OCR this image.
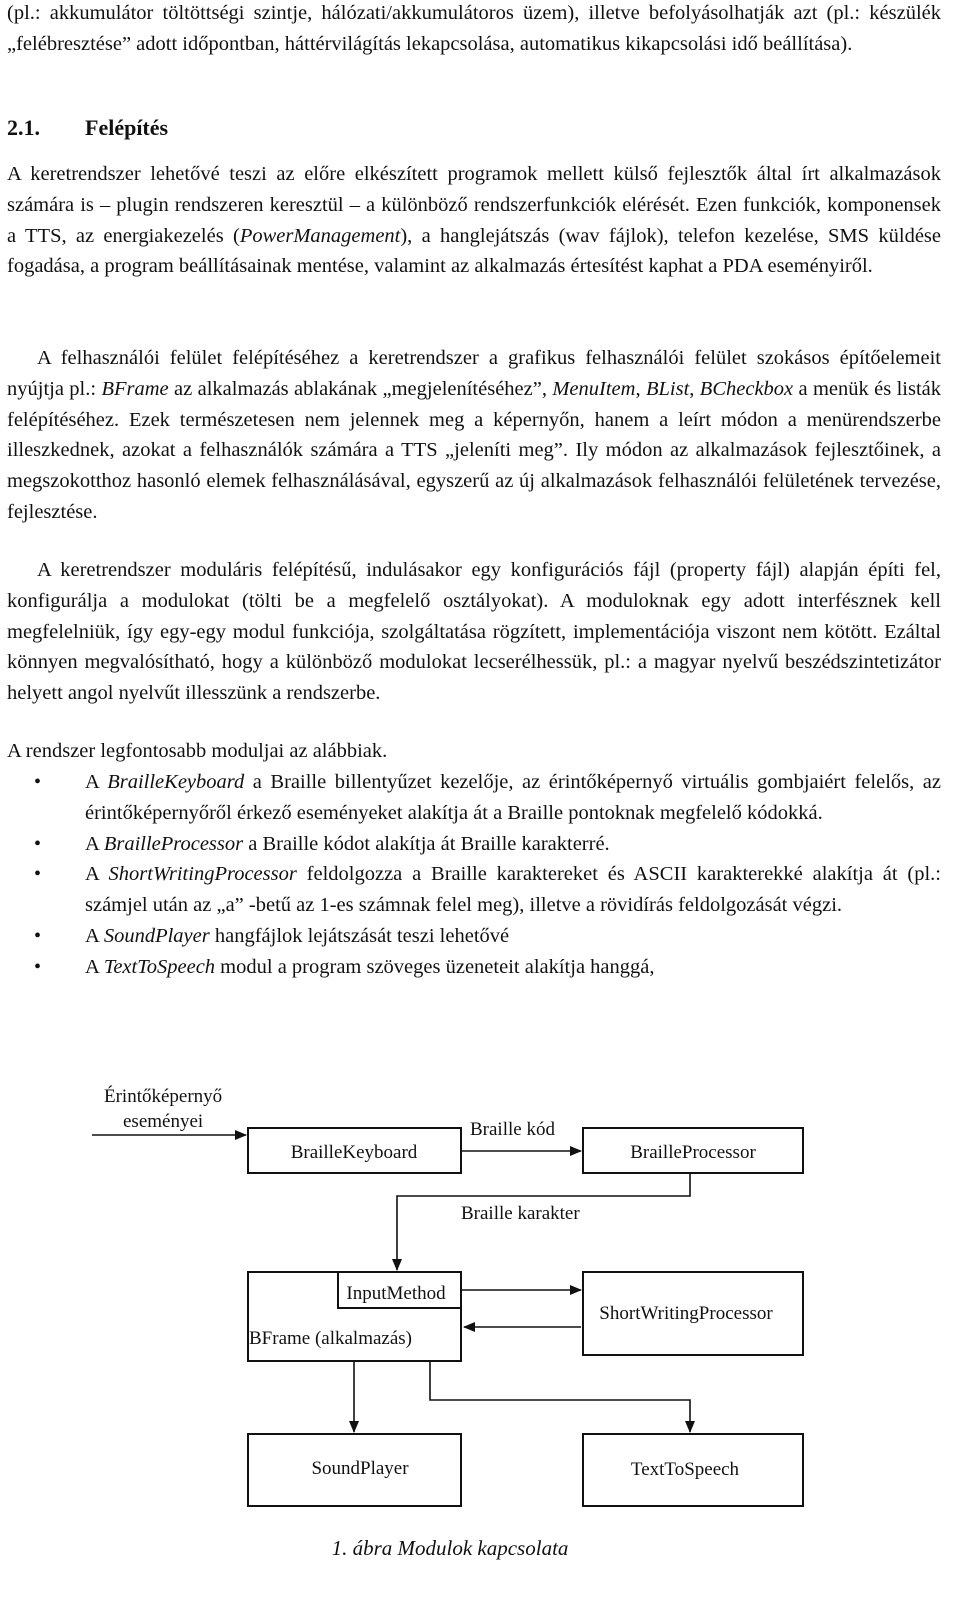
(pl.: akkumulátor töltöttségi szintje, hálózati/akkumulátoros üzem), illetve befolyásolhatják azt (pl.: készülék „felébresztése” adott időpontban, háttérvilágítás lekapcsolása, automatikus kikapcsolási idő beállítása).

2.1. Felépítés

A keretrendszer lehetővé teszi az előre elkészített programok mellett külső fejlesztők által írt alkalmazások számára is – plugin rendszeren keresztül – a különböző rendszerfunkciók elérését. Ezen funkciók, komponensek a TTS, az energiakezelés (PowerManagement), a hanglejátszás (wav fájlok), telefon kezelése, SMS küldése fogadása, a program beállításainak mentése, valamint az alkalmazás értesítést kaphat a PDA eseményiről.

A felhasználói felület felépítéséhez a keretrendszer a grafikus felhasználói felület szokásos építőelemeit nyújtja pl.: BFrame az alkalmazás ablakának „megjelenítéséhez”, MenuItem, BList, BCheckbox a menük és listák felépítéséhez. Ezek természetesen nem jelennek meg a képernyőn, hanem a leírt módon a menürendszerbe illeszkednek, azokat a felhasználók számára a TTS „jeleníti meg”. Ily módon az alkalmazások fejlesztőinek, a megszokotthoz hasonló elemek felhasználásával, egyszerű az új alkalmazások felhasználói felületének tervezése, fejlesztése.

A keretrendszer moduláris felépítésű, indulásakor egy konfigurációs fájl (property fájl) alapján építi fel, konfigurálja a modulokat (tölti be a megfelelő osztályokat). A moduloknak egy adott interfésznek kell megfelelniük, így egy-egy modul funkciója, szolgáltatása rögzített, implementációja viszont nem kötött. Ezáltal könnyen megvalósítható, hogy a különböző modulokat lecserélhessük, pl.: a magyar nyelvű beszédszintetizátor helyett angol nyelvűt illesszünk a rendszerbe.

A rendszer legfontosabb moduljai az alábbiak.

• A BrailleKeyboard a Braille billentyűzet kezelője, az érintőképernyő virtuális gombjaiért felelős, az érintőképernyőről érkező eseményeket alakítja át a Braille pontoknak megfelelő kódokká.
• A BrailleProcessor a Braille kódot alakítja át Braille karakterré.
• A ShortWritingProcessor feldolgozza a Braille karaktereket és ASCII karakterekké alakítja át (pl.: számjel után az „a” -betű az 1-es számnak felel meg), illetve a rövidírás feldolgozását végzi.
• A SoundPlayer hangfájlok lejátszását teszi lehetővé
• A TextToSpeech modul a program szöveges üzeneteit alakítja hanggá,
Érintőképernyő
eseményei
BrailleKeyboard	BrailleProcessor
InputMethod
BFrame (alkalmazás)
ShortWritingProcessor
SoundPlayer	TextToSpeech
Braille kód
Braille karakter
1. ábra Modulok kapcsolata
